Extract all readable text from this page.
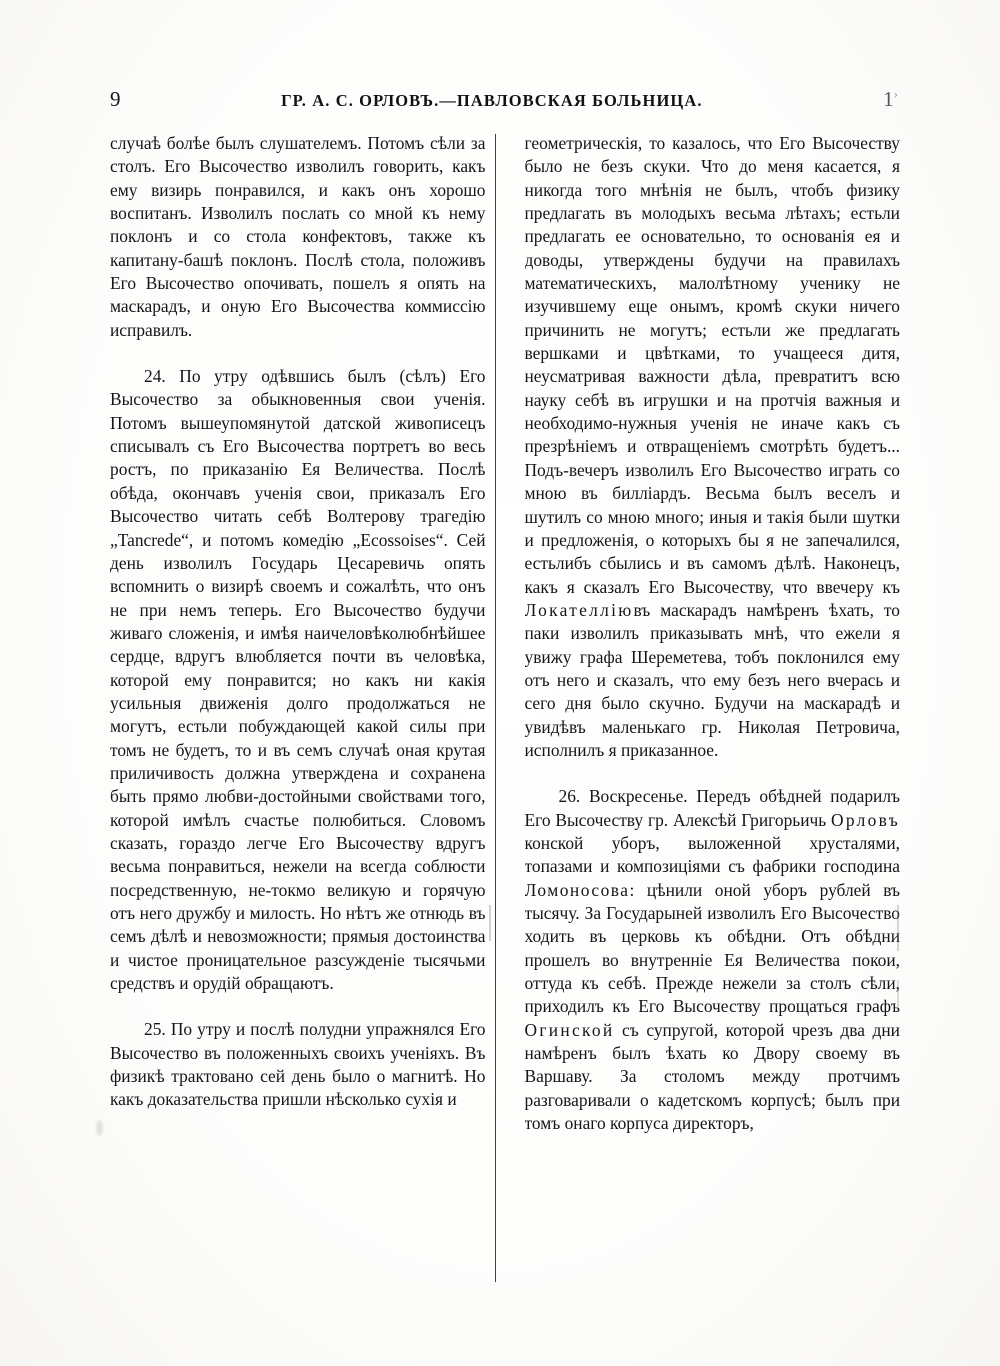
9	ГР. А. С. ОРЛОВЪ.—ПАВЛОВСКАЯ БОЛЬНИЦА.	1›

случаѣ болѣе былъ слушателемъ. Потомъ сѣли за столъ. Его Высочество изволилъ говорить, какъ ему визирь понравился, и какъ онъ хорошо воспитанъ. Изволилъ послать со мной къ нему поклонъ и со стола конфектовъ, также къ капитану-башѣ поклонъ. Послѣ стола, положивъ Его Высочество опочивать, пошелъ я опять на маскарадъ, и оную Его Высочества коммиссію исправилъ.

24. По утру одѣвшись былъ (сѣлъ) Его Высочество за обыкновенныя свои ученія. Потомъ вышеупомянутой датской живописецъ списывалъ съ Его Высочества портретъ во весь ростъ, по приказанію Ея Величества. Послѣ обѣда, окончавъ ученія свои, приказалъ Его Высочество читать себѣ Волтерову трагедію „Tancrede“, и потомъ комедію „Ecossoises“. Сей день изволилъ Государь Цесаревичь опять вспомнить о визирѣ своемъ и сожалѣть, что онъ не при немъ теперь. Его Высочество будучи живаго сложенія, и имѣя наичеловѣколюбнѣйшее сердце, вдругъ влюбляется почти въ человѣка, которой ему понравится; но какъ ни какія усильныя движенія долго продолжаться не могутъ, естьли побуждающей какой силы при томъ не будетъ, то и въ семъ случаѣ оная крутая приличивость должна утверждена и сохранена быть прямо любви-достойными свойствами того, которой имѣлъ счастье полюбиться. Словомъ сказать, гораздо легче Его Высочеству вдругъ весьма понравиться, нежели на всегда соблюсти посредственную, не-токмо великую и горячую отъ него дружбу и милость. Но нѣтъ же отнюдь въ семъ дѣлѣ и невозможности; прямыя достоинства и чистое проницательное разсужденіе тысячьми средствъ и орудій обращаютъ.

25. По утру и послѣ полудни упражнялся Его Высочество въ положенныхъ своихъ ученіяхъ. Въ физикѣ трактовано сей день было о магнитѣ. Но какъ доказательства пришли нѣсколько сухія и

геометрическія, то казалось, что Его Высочеству было не безъ скуки. Что до меня касается, я никогда того мнѣнія не былъ, чтобъ физику предлагать въ молодыхъ весьма лѣтахъ; естьли предлагать ее основательно, то основанія ея и доводы, утверждены будучи на правилахъ математическихъ, малолѣтному ученику не изучившему еще онымъ, кромѣ скуки ничего причинить не могутъ; естьли же предлагать вершками и цвѣтками, то учащееся дитя, неусматривая важности дѣла, превратитъ всю науку себѣ въ игрушки и на протчія важныя и необходимо-нужныя ученія не иначе какъ съ презрѣніемъ и отвращеніемъ смотрѣть будетъ... Подъ-вечеръ изволилъ Его Высочество играть со мною въ билліардъ. Весьма былъ веселъ и шутилъ со мною много; иныя и такія были шутки и предложенія, о которыхъ бы я не запечалился, естьлибъ сбылись и въ самомъ дѣлѣ. Наконецъ, какъ я сказалъ Его Высочеству, что ввечеру къ Локателліювъ маскарадъ намѣренъ ѣхать, то паки изволилъ приказывать мнѣ, что ежели я увижу графа Шереметева, тобъ поклонился ему отъ него и сказалъ, что ему безъ него вчерась и сего дня было скучно. Будучи на маскарадѣ и увидѣвъ маленькаго гр. Николая Петровича, исполнилъ я приказанное.

26. Воскресенье. Передъ обѣдней подарилъ Его Высочеству гр. Алексѣй Григорьичь Орловъ конской уборъ, выложенной хрусталями, топазами и композиціями съ фабрики господина Ломоносова: цѣнили оной уборъ рублей въ тысячу. За Государыней изволилъ Его Высочество ходить въ церковь къ обѣдни. Отъ обѣдни прошелъ во внутренніе Ея Величества покои, оттуда къ себѣ. Прежде нежели за столъ сѣли, приходилъ къ Его Высочеству прощаться графъ Огинской съ супругой, которой чрезъ два дни намѣренъ былъ ѣхать ко Двору своему въ Варшаву. За столомъ между протчимъ разговаривали о кадетскомъ корпусѣ; былъ при томъ онаго корпуса директоръ,
